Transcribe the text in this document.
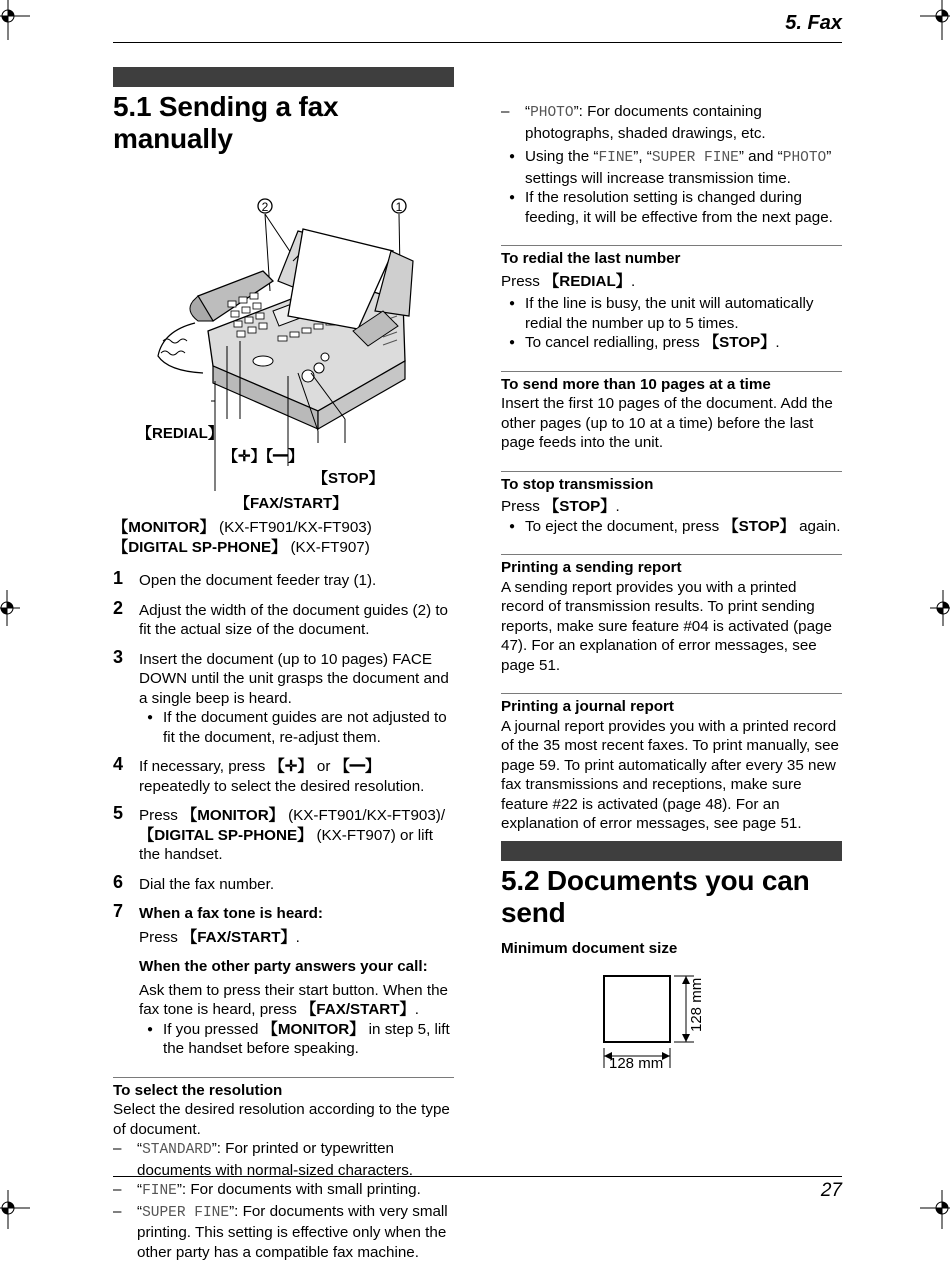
5. Fax
27
5.1 Sending a fax manually
2	1
【REDIAL】
【✛】【━】
【STOP】
【FAX/START】
【MONITOR】 (KX-FT901/KX-FT903)
【DIGITAL SP-PHONE】 (KX-FT907)
1 Open the document feeder tray (1).
2 Adjust the width of the document guides (2) to fit the actual size of the document.
3 Insert the document (up to 10 pages) FACE DOWN until the unit grasps the document and a single beep is heard.
● If the document guides are not adjusted to fit the document, re-adjust them.
4 If necessary, press 【✛】 or 【━】 repeatedly to select the desired resolution.
5 Press 【MONITOR】 (KX-FT901/KX-FT903)/【DIGITAL SP-PHONE】 (KX-FT907) or lift the handset.
6 Dial the fax number.
7 When a fax tone is heard:
Press 【FAX/START】.
When the other party answers your call:
Ask them to press their start button. When the fax tone is heard, press 【FAX/START】.
● If you pressed 【MONITOR】 in step 5, lift the handset before speaking.
To select the resolution
Select the desired resolution according to the type of document.
– “STANDARD”: For printed or typewritten documents with normal-sized characters.
– “FINE”: For documents with small printing.
– “SUPER FINE”: For documents with very small printing. This setting is effective only when the other party has a compatible fax machine.
– “PHOTO”: For documents containing photographs, shaded drawings, etc.
● Using the “FINE”, “SUPER FINE” and “PHOTO” settings will increase transmission time.
● If the resolution setting is changed during feeding, it will be effective from the next page.
To redial the last number
Press 【REDIAL】.
● If the line is busy, the unit will automatically redial the number up to 5 times.
● To cancel redialling, press 【STOP】.
To send more than 10 pages at a time
Insert the first 10 pages of the document. Add the other pages (up to 10 at a time) before the last page feeds into the unit.
To stop transmission
Press 【STOP】.
● To eject the document, press 【STOP】 again.
Printing a sending report
A sending report provides you with a printed record of transmission results. To print sending reports, make sure feature #04 is activated (page 47). For an explanation of error messages, see page 51.
Printing a journal report
A journal report provides you with a printed record of the 35 most recent faxes. To print manually, see page 59. To print automatically after every 35 new fax transmissions and receptions, make sure feature #22 is activated (page 48). For an explanation of error messages, see page 51.
5.2 Documents you can send
Minimum document size
128 mm
128 mm
